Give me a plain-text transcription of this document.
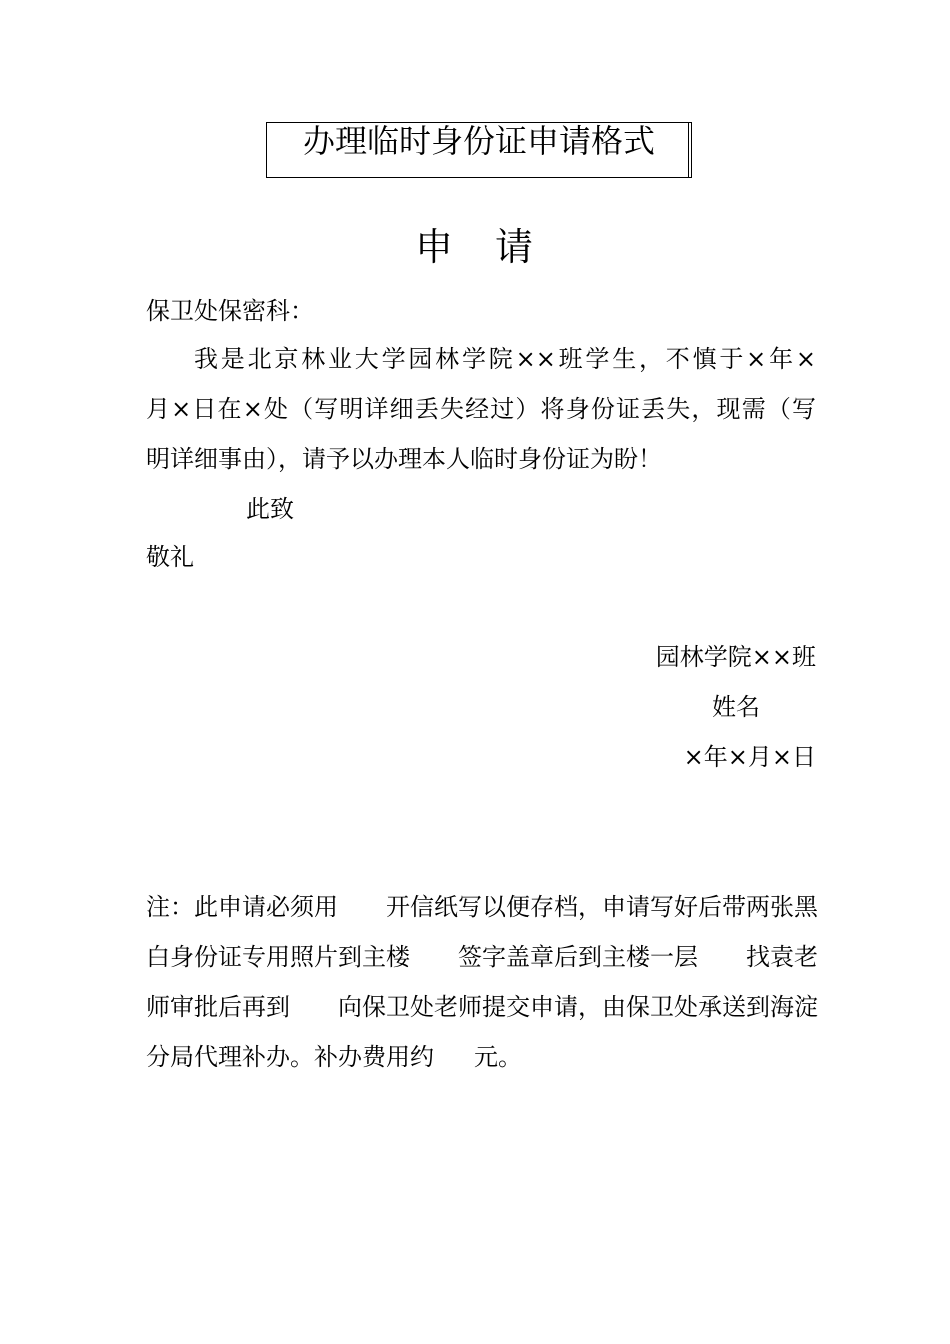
办理临时身份证申请格式
申　请
保卫处保密科：
我是北京林业大学园林学院××班学生，不慎于×年×
月×日在×处（写明详细丢失经过）将身份证丢失，现需（写
明详细事由），请予以办理本人临时身份证为盼！
此致
敬礼
园林学院××班
姓名
×年×月×日
注：此申请必须用 开信纸写以便存档，申请写好后带两张黑
白身份证专用照片到主楼 签字盖章后到主楼一层 找袁老
师审批后再到 向保卫处老师提交申请，由保卫处承送到海淀
分局代理补办。补办费用约 元。
